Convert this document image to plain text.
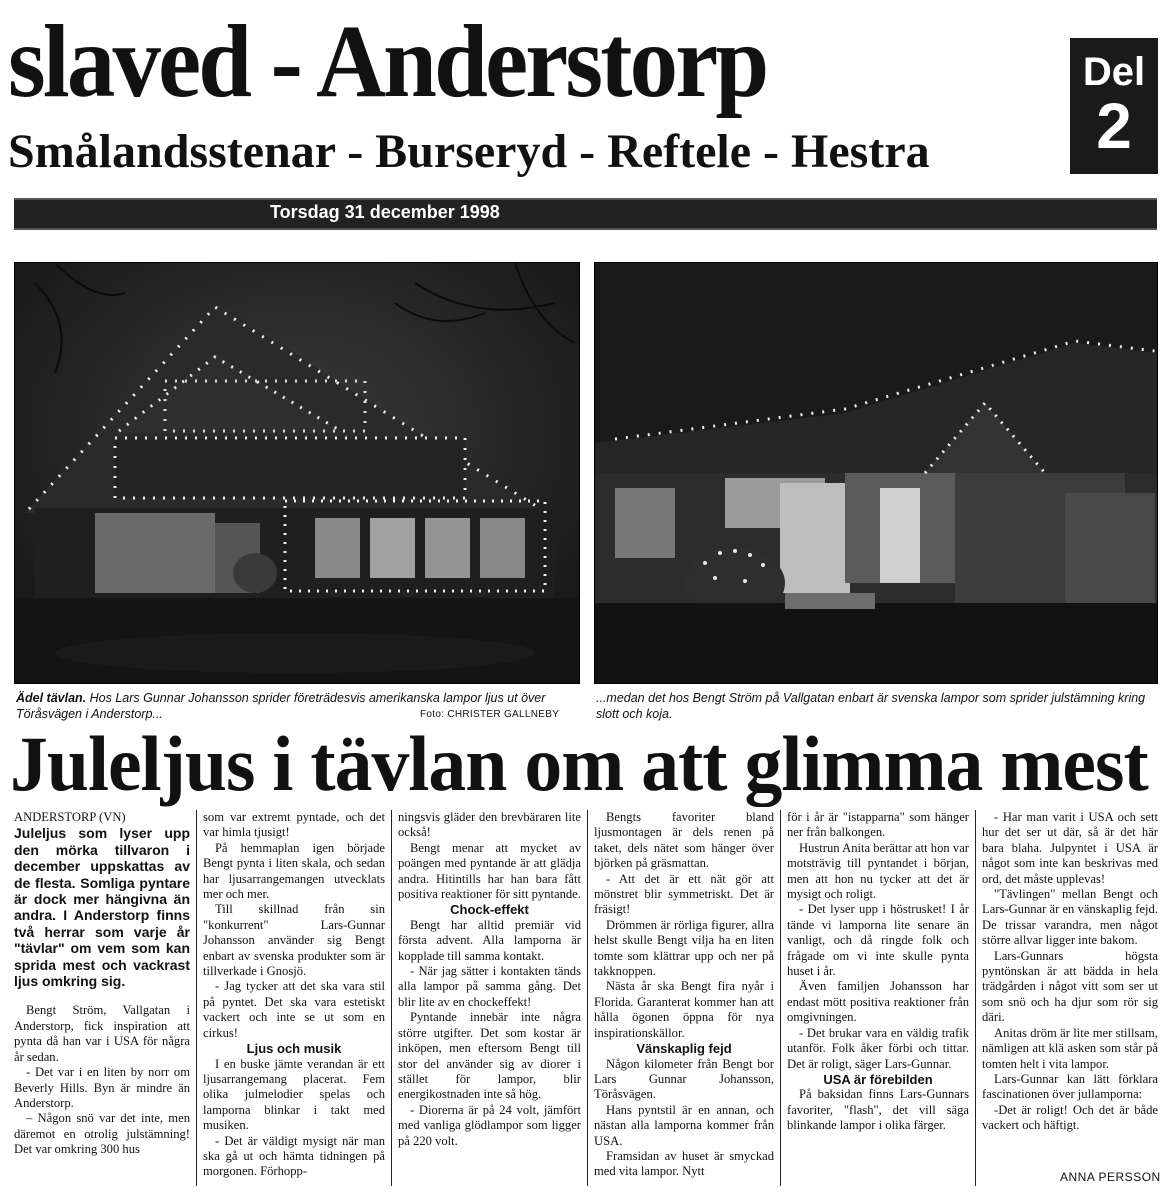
slaved - Anderstorp
Smålandsstenar - Burseryd - Reftele - Hestra
Del
2
Torsdag 31 december 1998
Ädel tävlan. Hos Lars Gunnar Johansson sprider företrädesvis amerikanska lampor ljus ut över Töråsvägen i Anderstorp...	Foto: CHRISTER GALLNEBY
...medan det hos Bengt Ström på Vallgatan enbart är svenska lampor som sprider julstämning kring slott och koja.
Juleljus i tävlan om att glimma mest

ANDERSTORP (VN)

Juleljus som lyser upp den mörka tillvaron i december uppskattas av de flesta. Somliga pyntare är dock mer hängivna än andra. I Anderstorp finns två herrar som varje år "tävlar" om vem som kan sprida mest och vackrast ljus omkring sig.

Bengt Ström, Vallgatan i Anderstorp, fick inspiration att pynta då han var i USA för några år sedan.

- Det var i en liten by norr om Beverly Hills. Byn är mindre än Anderstorp.

– Någon snö var det inte, men däremot en otrolig julstämning! Det var omkring 300 hus

som var extremt pyntade, och det var himla tjusigt!

På hemmaplan igen började Bengt pynta i liten skala, och sedan har ljusarrangemangen utvecklats mer och mer.

Till skillnad från sin "konkurrent" Lars-Gunnar Johansson använder sig Bengt enbart av svenska produkter som är tillverkade i Gnosjö.

- Jag tycker att det ska vara stil på pyntet. Det ska vara estetiskt vackert och inte se ut som en cirkus!

Ljus och musik

I en buske jämte verandan är ett ljusarrangemang placerat. Fem olika julmelodier spelas och lamporna blinkar i takt med musiken.

- Det är väldigt mysigt när man ska gå ut och hämta tidningen på morgonen. Förhopp-

ningsvis gläder den brevbäraren lite också!

Bengt menar att mycket av poängen med pyntande är att glädja andra. Hitintills har han bara fått positiva reaktioner för sitt pyntande.

Chock-effekt

Bengt har alltid premiär vid första advent. Alla lamporna är kopplade till samma kontakt.

- När jag sätter i kontakten tänds alla lampor på samma gång. Det blir lite av en chockeffekt!

Pyntande innebär inte några större utgifter. Det som kostar är inköpen, men eftersom Bengt till stor del använder sig av diorer i stället för lampor, blir energikostnaden inte så hög.

- Diorerna är på 24 volt, jämfört med vanliga glödlampor som ligger på 220 volt.

Bengts favoriter bland ljusmontagen är dels renen på taket, dels nätet som hänger över björken på gräsmattan.

- Att det är ett nät gör att mönstret blir symmetriskt. Det är fräsigt!

Drömmen är rörliga figurer, allra helst skulle Bengt vilja ha en liten tomte som klättrar upp och ner på takknoppen.

Nästa år ska Bengt fira nyår i Florida. Garanterat kommer han att hålla ögonen öppna för nya inspirationskällor.

Vänskaplig fejd

Någon kilometer från Bengt bor Lars Gunnar Johansson, Töråsvägen.

Hans pyntstil är en annan, och nästan alla lamporna kommer från USA.

Framsidan av huset är smyckad med vita lampor. Nytt

för i år är "istapparna" som hänger ner från balkongen.

Hustrun Anita berättar att hon var motsträvig till pyntandet i början, men att hon nu tycker att det är mysigt och roligt.

- Det lyser upp i höstrusket! I år tände vi lamporna lite senare än vanligt, och då ringde folk och frågade om vi inte skulle pynta huset i år.

Även familjen Johansson har endast mött positiva reaktioner från omgivningen.

- Det brukar vara en väldig trafik utanför. Folk åker förbi och tittar. Det är roligt, säger Lars-Gunnar.

USA är förebilden

På baksidan finns Lars-Gunnars favoriter, "flash", det vill säga blinkande lampor i olika färger.

- Har man varit i USA och sett hur det ser ut där, så är det här bara blaha. Julpyntet i USA är något som inte kan beskrivas med ord, det måste upplevas!

"Tävlingen" mellan Bengt och Lars-Gunnar är en vänskaplig fejd. De trissar varandra, men något större allvar ligger inte bakom.

Lars-Gunnars högsta pyntönskan är att bädda in hela trädgården i något vitt som ser ut som snö och ha djur som rör sig däri.

Anitas dröm är lite mer stillsam, nämligen att klä asken som står på tomten helt i vita lampor.

Lars-Gunnar kan lätt förklara fascinationen över jullamporna:

-Det är roligt! Och det är både vackert och häftigt.

ANNA PERSSON
